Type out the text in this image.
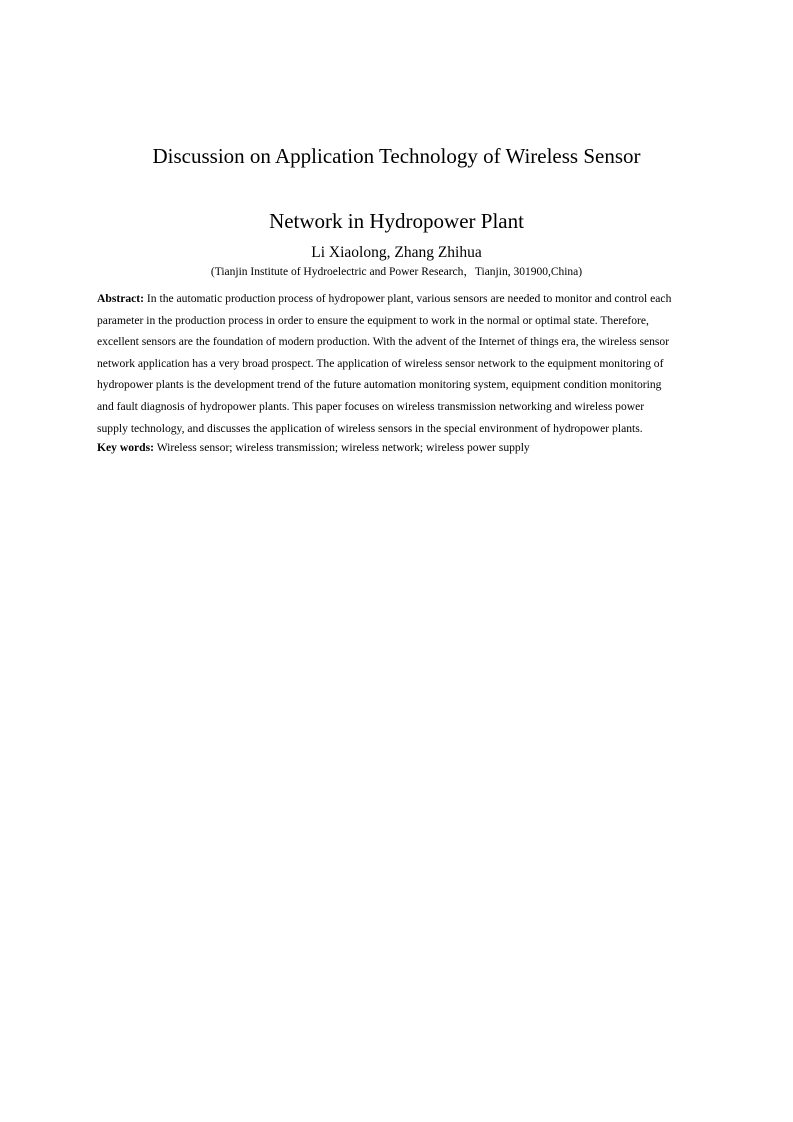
Discussion on Application Technology of Wireless Sensor
Network in Hydropower Plant
Li Xiaolong, Zhang Zhihua
(Tianjin Institute of Hydroelectric and Power Research，Tianjin, 301900,China)
Abstract: In the automatic production process of hydropower plant, various sensors are needed to monitor and control each
parameter in the production process in order to ensure the equipment to work in the normal or optimal state. Therefore,
excellent sensors are the foundation of modern production. With the advent of the Internet of things era, the wireless sensor
network application has a very broad prospect. The application of wireless sensor network to the equipment monitoring of
hydropower plants is the development trend of the future automation monitoring system, equipment condition monitoring
and fault diagnosis of hydropower plants. This paper focuses on wireless transmission networking and wireless power
supply technology, and discusses the application of wireless sensors in the special environment of hydropower plants.
Key words: Wireless sensor; wireless transmission; wireless network; wireless power supply
